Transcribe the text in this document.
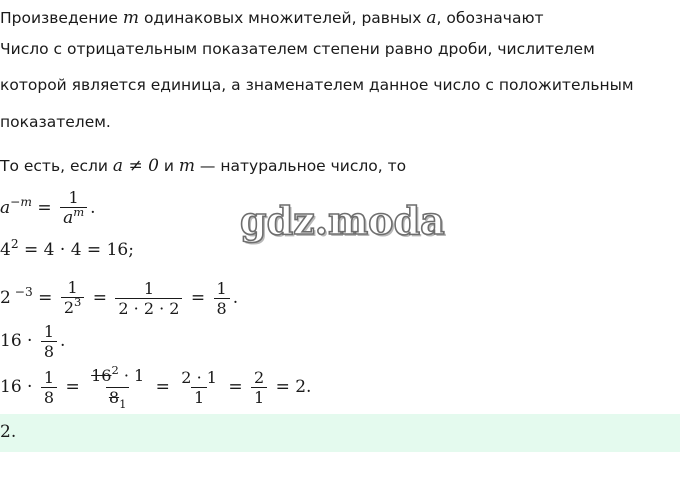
Произведение m одинаковых множителей, равных a, обозначают
Число с отрицательным показателем степени равно дроби, числителем
которой является единица, а знаменателем данное число с положительным
показателем.
То есть, если a ≠ 0 и m — натуральное число, то
$a^{-m} = \frac{1}{a^m}$ .	gdz.moda
$4^2 = 4 \cdot 4 = 16$;
2 $^{-3} = \frac{1}{2^3} = \frac{1}{2 \cdot 2 \cdot 2} = \frac{1}{8}$ .
$16 \cdot \frac{1}{8}$ .
$16 \cdot \frac{1}{8} = \frac{16^2 \cdot 1}{8_1} = \frac{2 \cdot 1}{1} = \frac{2}{1} = 2$.
2.
